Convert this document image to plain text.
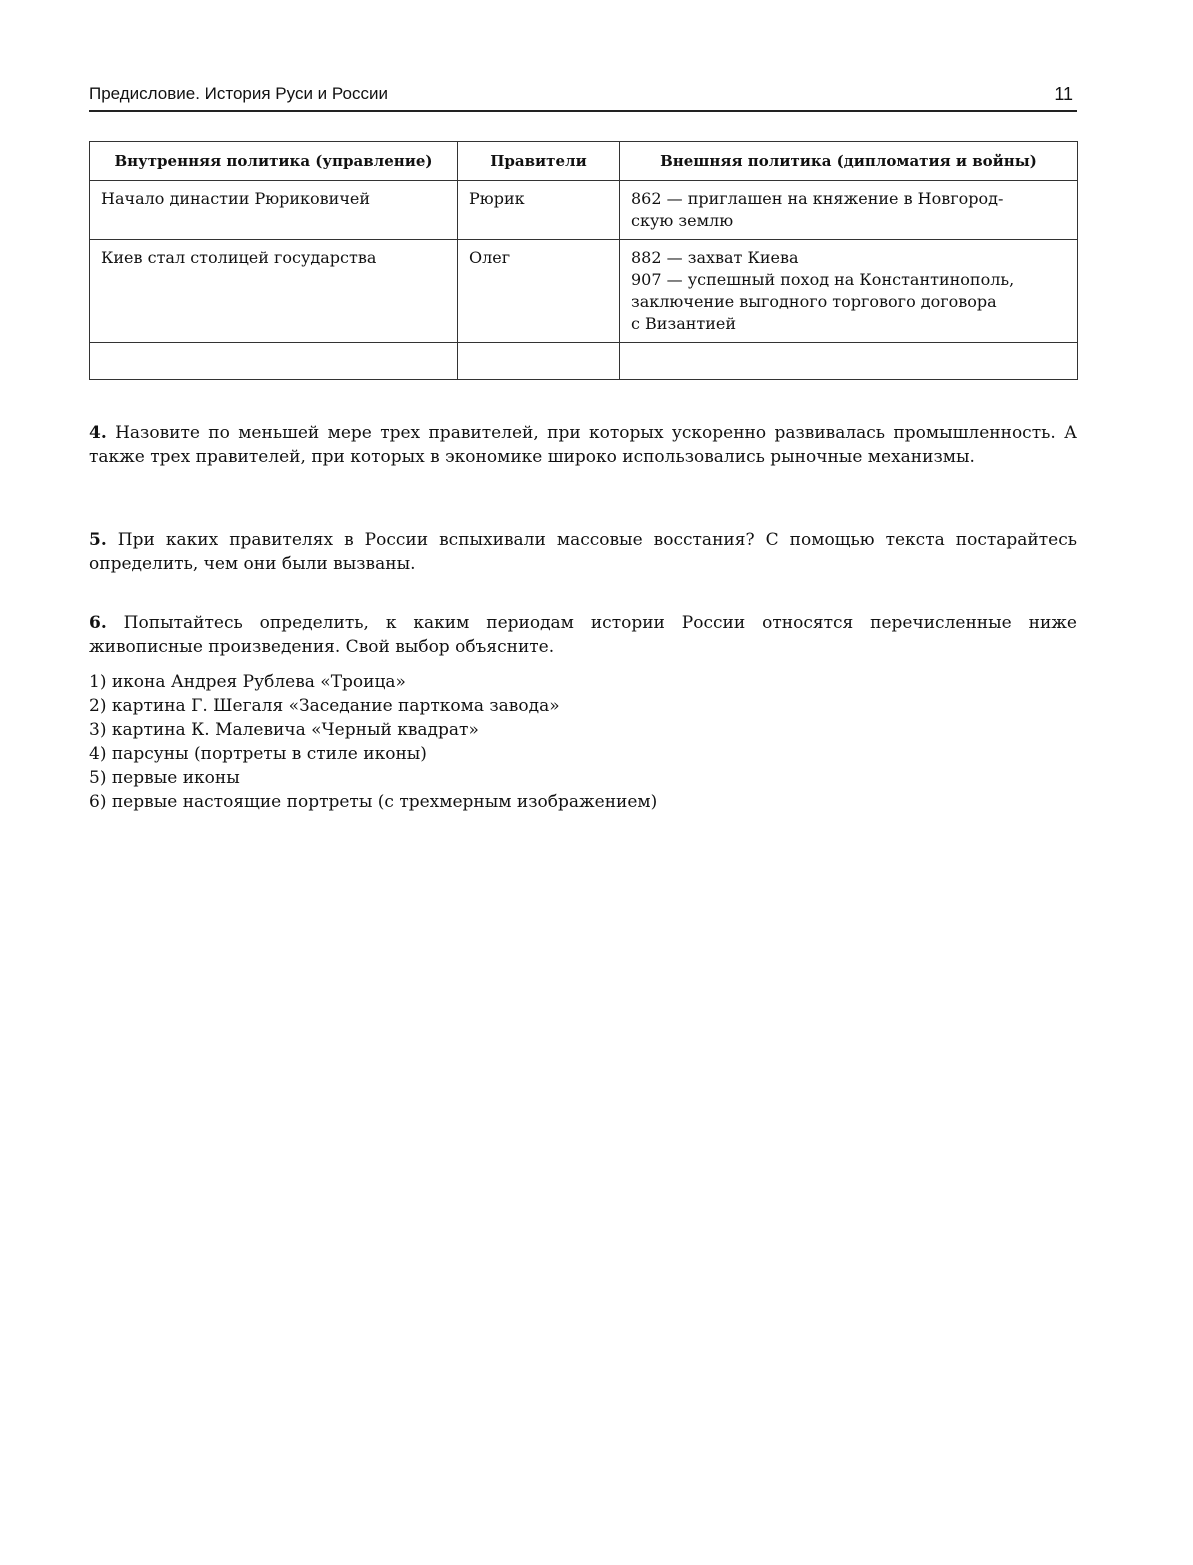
Предисловие. История Руси и России	11
Внутренняя политика (управление)	Правители	Внешняя политика (дипломатия и войны)
Начало династии Рюриковичей	Рюрик	862 — приглашен на княжение в Новгород-
скую землю

Киев стал столицей государства	Олег	882 — захват Киева
907 — успешный поход на Константинополь,
заключение выгодного торгового договора
с Византией

4. Назовите по меньшей мере трех правителей, при которых ускоренно развивалась промышленность. А также трех правителей, при которых в экономике широко использовались рыночные механизмы.
5. При каких правителях в России вспыхивали массовые восстания? С помощью текста постарайтесь определить, чем они были вызваны.
6. Попытайтесь определить, к каким периодам истории России относятся перечисленные ниже живописные произведения. Свой выбор объясните.
1) икона Андрея Рублева «Троица»
2) картина Г. Шегаля «Заседание парткома завода»
3) картина К. Малевича «Черный квадрат»
4) парсуны (портреты в стиле иконы)
5) первые иконы
6) первые настоящие портреты (с трехмерным изображением)
